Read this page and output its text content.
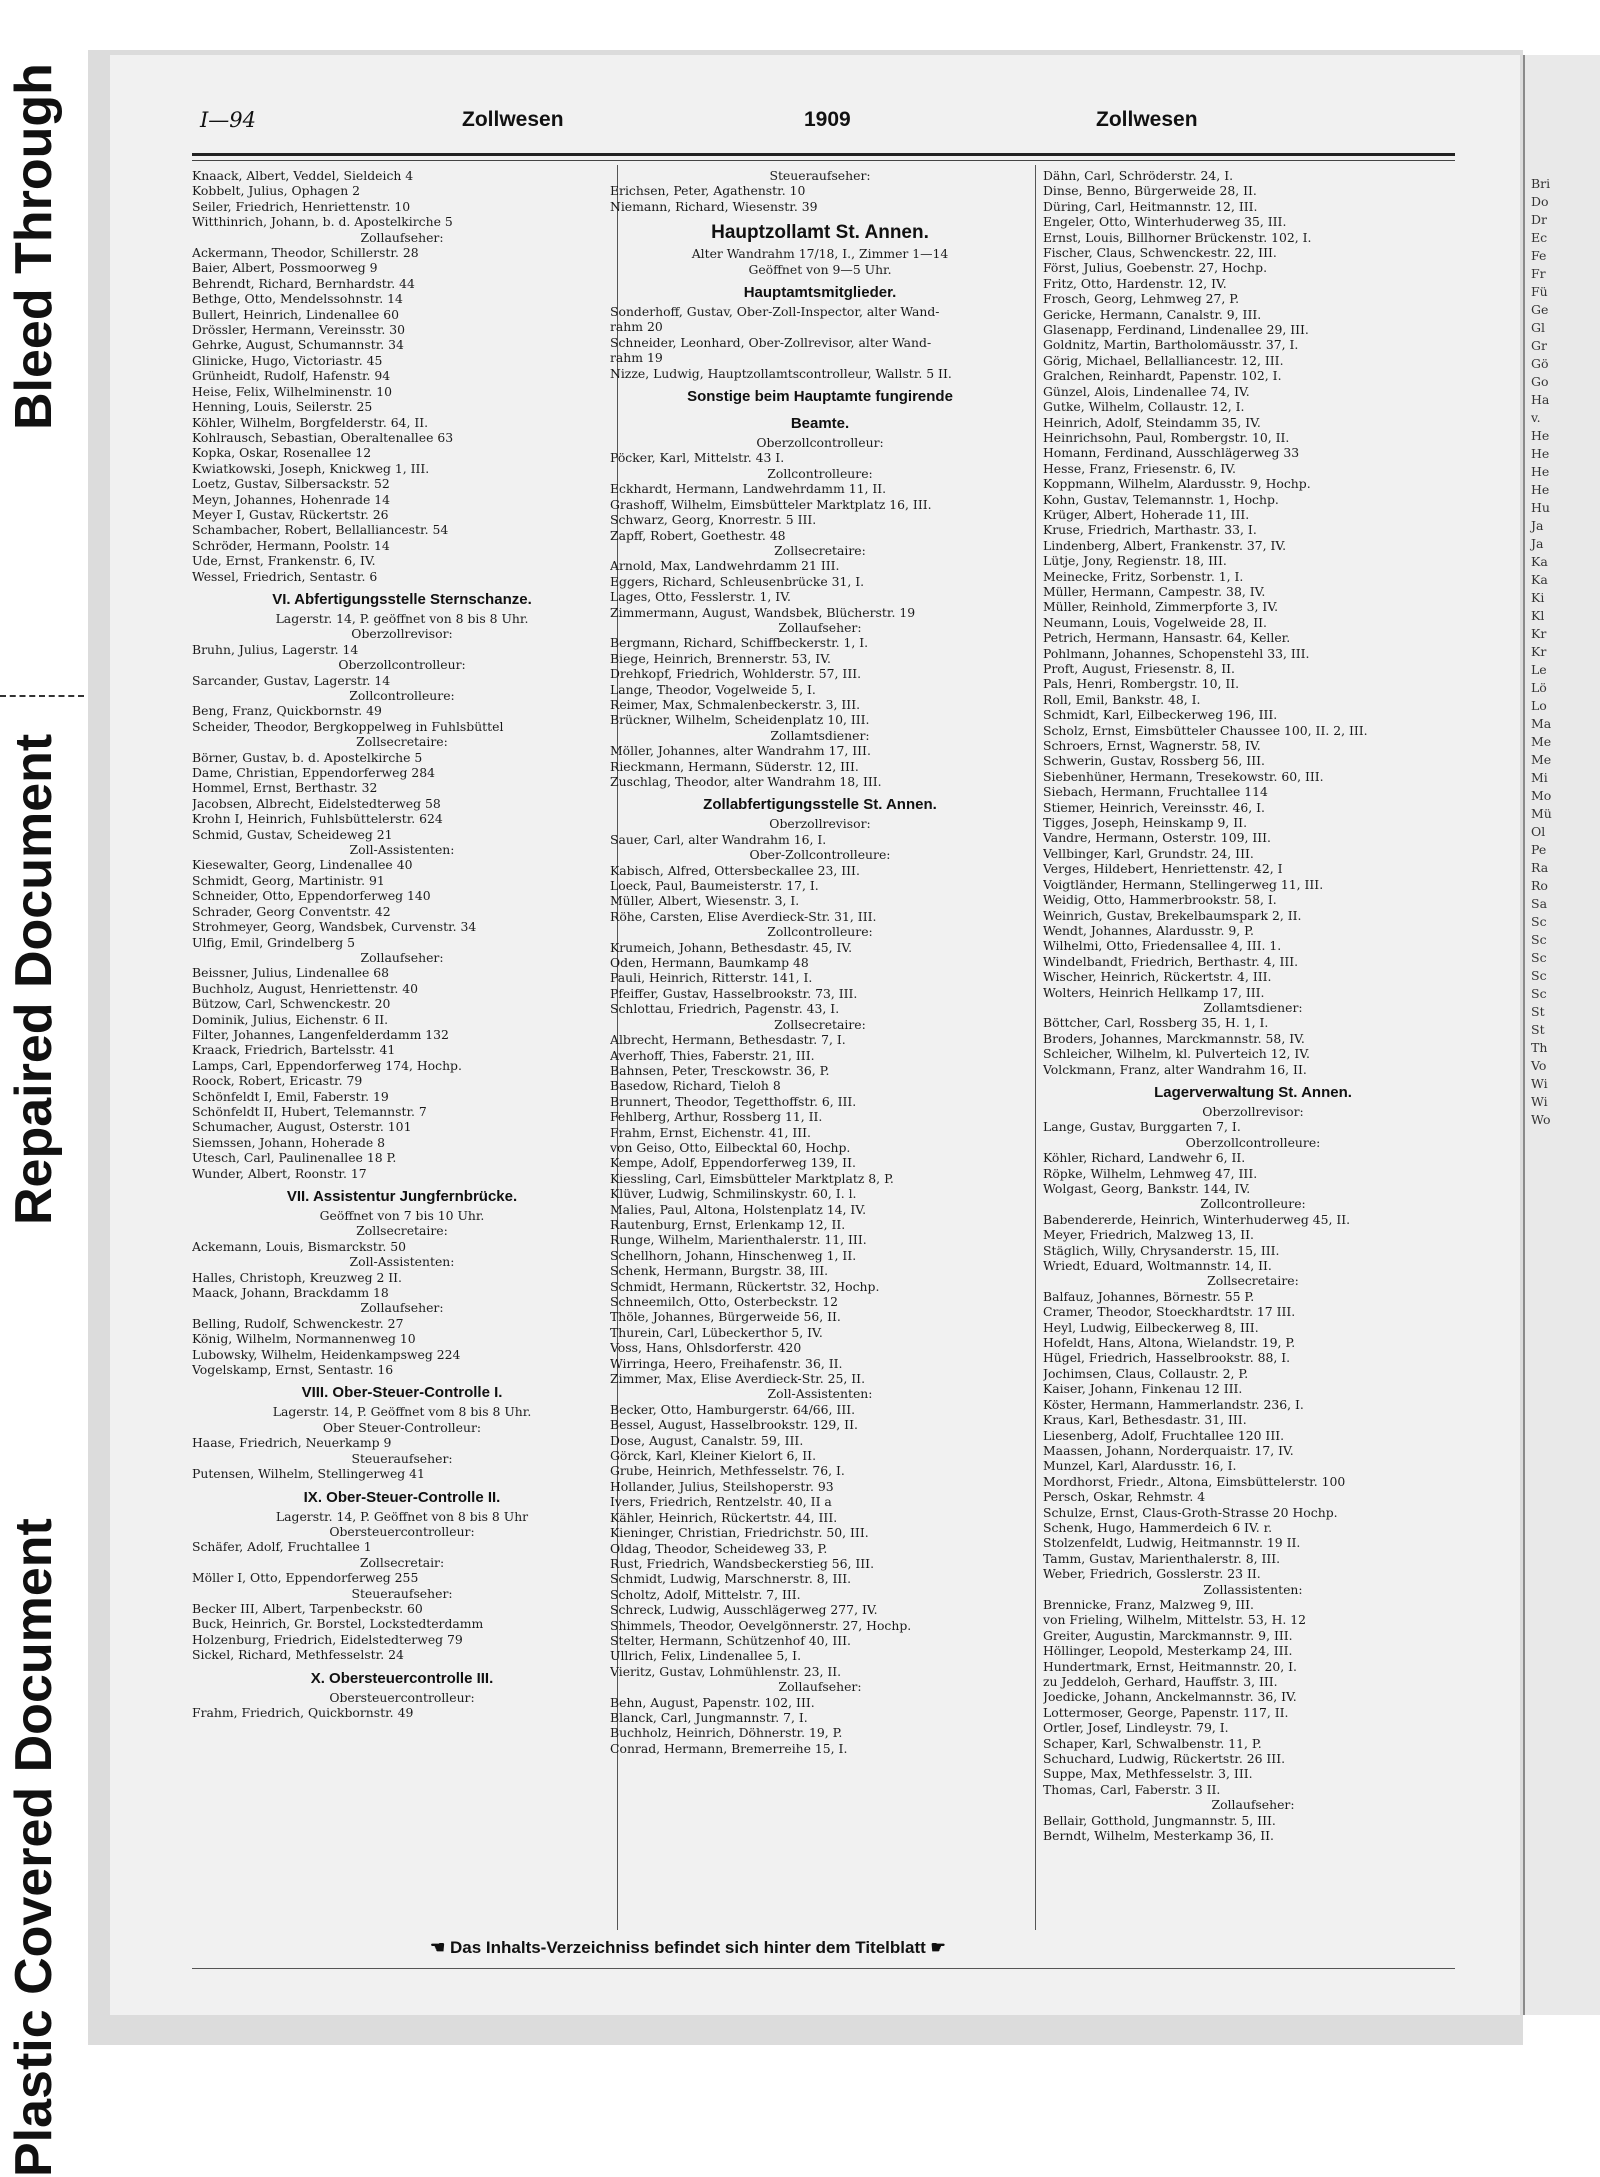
Bleed Through
Repaired Document
Plastic Covered Document
Bri
Do
Dr
Ec
Fe
Fr
Fü
Ge
Gl
Gr
Gö
Go
Ha
v.
He
He
He
He
Hu
Ja
Ja
Ka
Ka
Ki
Kl
Kr
Kr
Le
Lö
Lo
Ma
Me
Me
Mi
Mo
Mü
Ol
Pe
Ra
Ro
Sa
Sc
Sc
Sc
Sc
Sc
St
St
Th
Vo
Wi
Wi
Wo
I—94	Zollwesen	1909	Zollwesen
Knaack, Albert, Veddel, Sieldeich 4
Kobbelt, Julius, Ophagen 2
Seiler, Friedrich, Henriettenstr. 10
Witthinrich, Johann, b. d. Apostelkirche 5
Zollaufseher:
Ackermann, Theodor, Schillerstr. 28
Baier, Albert, Possmoorweg 9
Behrendt, Richard, Bernhardstr. 44
Bethge, Otto, Mendelssohnstr. 14
Bullert, Heinrich, Lindenallee 60
Drössler, Hermann, Vereinsstr. 30
Gehrke, August, Schumannstr. 34
Glinicke, Hugo, Victoriastr. 45
Grünheidt, Rudolf, Hafenstr. 94
Heise, Felix, Wilhelminenstr. 10
Henning, Louis, Seilerstr. 25
Köhler, Wilhelm, Borgfelderstr. 64, II.
Kohlrausch, Sebastian, Oberaltenallee 63
Kopka, Oskar, Rosenallee 12
Kwiatkowski, Joseph, Knickweg 1, III.
Loetz, Gustav, Silbersackstr. 52
Meyn, Johannes, Hohenrade 14
Meyer I, Gustav, Rückertstr. 26
Schambacher, Robert, Bellalliancestr. 54
Schröder, Hermann, Poolstr. 14
Ude, Ernst, Frankenstr. 6, IV.
Wessel, Friedrich, Sentastr. 6
VI. Abfertigungsstelle Sternschanze.
Lagerstr. 14, P. geöffnet von 8 bis 8 Uhr.
Oberzollrevisor:
Bruhn, Julius, Lagerstr. 14
Oberzollcontrolleur:
Sarcander, Gustav, Lagerstr. 14
Zollcontrolleure:
Beng, Franz, Quickbornstr. 49
Scheider, Theodor, Bergkoppelweg in Fuhlsbüttel
Zollsecretaire:
Börner, Gustav, b. d. Apostelkirche 5
Dame, Christian, Eppendorferweg 284
Hommel, Ernst, Berthastr. 32
Jacobsen, Albrecht, Eidelstedterweg 58
Krohn I, Heinrich, Fuhlsbüttelerstr. 624
Schmid, Gustav, Scheideweg 21
Zoll-Assistenten:
Kiesewalter, Georg, Lindenallee 40
Schmidt, Georg, Martinistr. 91
Schneider, Otto, Eppendorferweg 140
Schrader, Georg Conventstr. 42
Strohmeyer, Georg, Wandsbek, Curvenstr. 34
Ulfig, Emil, Grindelberg 5
Zollaufseher:
Beissner, Julius, Lindenallee 68
Buchholz, August, Henriettenstr. 40
Bützow, Carl, Schwenckestr. 20
Dominik, Julius, Eichenstr. 6 II.
Filter, Johannes, Langenfelderdamm 132
Kraack, Friedrich, Bartelsstr. 41
Lamps, Carl, Eppendorferweg 174, Hochp.
Roock, Robert, Ericastr. 79
Schönfeldt I, Emil, Faberstr. 19
Schönfeldt II, Hubert, Telemannstr. 7
Schumacher, August, Osterstr. 101
Siemssen, Johann, Hoherade 8
Utesch, Carl, Paulinenallee 18 P.
Wunder, Albert, Roonstr. 17
VII. Assistentur Jungfernbrücke.
Geöffnet von 7 bis 10 Uhr.
Zollsecretaire:
Ackemann, Louis, Bismarckstr. 50
Zoll-Assistenten:
Halles, Christoph, Kreuzweg 2 II.
Maack, Johann, Brackdamm 18
Zollaufseher:
Belling, Rudolf, Schwenckestr. 27
König, Wilhelm, Normannenweg 10
Lubowsky, Wilhelm, Heidenkampsweg 224
Vogelskamp, Ernst, Sentastr. 16
VIII. Ober-Steuer-Controlle I.
Lagerstr. 14, P. Geöffnet vom 8 bis 8 Uhr.
Ober Steuer-Controlleur:
Haase, Friedrich, Neuerkamp 9
Steueraufseher:
Putensen, Wilhelm, Stellingerweg 41
IX. Ober-Steuer-Controlle II.
Lagerstr. 14, P. Geöffnet von 8 bis 8 Uhr
Obersteuercontrolleur:
Schäfer, Adolf, Fruchtallee 1
Zollsecretair:
Möller I, Otto, Eppendorferweg 255
Steueraufseher:
Becker III, Albert, Tarpenbeckstr. 60
Buck, Heinrich, Gr. Borstel, Lockstedterdamm
Holzenburg, Friedrich, Eidelstedterweg 79
Sickel, Richard, Methfesselstr. 24
X. Obersteuercontrolle III.
Obersteuercontrolleur:
Frahm, Friedrich, Quickbornstr. 49
Steueraufseher:
Erichsen, Peter, Agathenstr. 10
Niemann, Richard, Wiesenstr. 39
Hauptzollamt St. Annen.
Alter Wandrahm 17/18, I., Zimmer 1—14
Geöffnet von 9—5 Uhr.
Hauptamtsmitglieder.
Sonderhoff, Gustav, Ober-Zoll-Inspector, alter Wand-
rahm 20
Schneider, Leonhard, Ober-Zollrevisor, alter Wand-
rahm 19
Nizze, Ludwig, Hauptzollamtscontrolleur, Wallstr. 5 II.
Sonstige beim Hauptamte fungirende
Beamte.
Oberzollcontrolleur:
Pöcker, Karl, Mittelstr. 43 I.
Zollcontrolleure:
Eckhardt, Hermann, Landwehrdamm 11, II.
Grashoff, Wilhelm, Eimsbütteler Marktplatz 16, III.
Schwarz, Georg, Knorrestr. 5 III.
Zapff, Robert, Goethestr. 48
Zollsecretaire:
Arnold, Max, Landwehrdamm 21 III.
Eggers, Richard, Schleusenbrücke 31, I.
Lages, Otto, Fesslerstr. 1, IV.
Zimmermann, August, Wandsbek, Blücherstr. 19
Zollaufseher:
Bergmann, Richard, Schiffbeckerstr. 1, I.
Biege, Heinrich, Brennerstr. 53, IV.
Drehkopf, Friedrich, Wohlderstr. 57, III.
Lange, Theodor, Vogelweide 5, I.
Reimer, Max, Schmalenbeckerstr. 3, III.
Brückner, Wilhelm, Scheidenplatz 10, III.
Zollamtsdiener:
Möller, Johannes, alter Wandrahm 17, III.
Rieckmann, Hermann, Süderstr. 12, III.
Zuschlag, Theodor, alter Wandrahm 18, III.
Zollabfertigungsstelle St. Annen.
Oberzollrevisor:
Sauer, Carl, alter Wandrahm 16, I.
Ober-Zollcontrolleure:
Kabisch, Alfred, Ottersbeckallee 23, III.
Loeck, Paul, Baumeisterstr. 17, I.
Müller, Albert, Wiesenstr. 3, I.
Röhe, Carsten, Elise Averdieck-Str. 31, III.
Zollcontrolleure:
Krumeich, Johann, Bethesdastr. 45, IV.
Oden, Hermann, Baumkamp 48
Pauli, Heinrich, Ritterstr. 141, I.
Pfeiffer, Gustav, Hasselbrookstr. 73, III.
Schlottau, Friedrich, Pagenstr. 43, I.
Zollsecretaire:
Albrecht, Hermann, Bethesdastr. 7, I.
Averhoff, Thies, Faberstr. 21, III.
Bahnsen, Peter, Tresckowstr. 36, P.
Basedow, Richard, Tieloh 8
Brunnert, Theodor, Tegetthoffstr. 6, III.
Fehlberg, Arthur, Rossberg 11, II.
Frahm, Ernst, Eichenstr. 41, III.
von Geiso, Otto, Eilbecktal 60, Hochp.
Kempe, Adolf, Eppendorferweg 139, II.
Kiessling, Carl, Eimsbütteler Marktplatz 8, P.
Klüver, Ludwig, Schmilinskystr. 60, I. l.
Malies, Paul, Altona, Holstenplatz 14, IV.
Rautenburg, Ernst, Erlenkamp 12, II.
Runge, Wilhelm, Marienthalerstr. 11, III.
Schellhorn, Johann, Hinschenweg 1, II.
Schenk, Hermann, Burgstr. 38, III.
Schmidt, Hermann, Rückertstr. 32, Hochp.
Schneemilch, Otto, Osterbeckstr. 12
Thöle, Johannes, Bürgerweide 56, II.
Thurein, Carl, Lübeckerthor 5, IV.
Voss, Hans, Ohlsdorferstr. 420
Wirringa, Heero, Freihafenstr. 36, II.
Zimmer, Max, Elise Averdieck-Str. 25, II.
Zoll-Assistenten:
Becker, Otto, Hamburgerstr. 64/66, III.
Bessel, August, Hasselbrookstr. 129, II.
Dose, August, Canalstr. 59, III.
Görck, Karl, Kleiner Kielort 6, II.
Grube, Heinrich, Methfesselstr. 76, I.
Hollander, Julius, Steilshoperstr. 93
Ivers, Friedrich, Rentzelstr. 40, II a
Kähler, Heinrich, Rückertstr. 44, III.
Kieninger, Christian, Friedrichstr. 50, III.
Oldag, Theodor, Scheideweg 33, P.
Rust, Friedrich, Wandsbeckerstieg 56, III.
Schmidt, Ludwig, Marschnerstr. 8, III.
Scholtz, Adolf, Mittelstr. 7, III.
Schreck, Ludwig, Ausschlägerweg 277, IV.
Shimmels, Theodor, Oevelgönnerstr. 27, Hochp.
Stelter, Hermann, Schützenhof 40, III.
Ullrich, Felix, Lindenallee 5, I.
Vieritz, Gustav, Lohmühlenstr. 23, II.
Zollaufseher:
Behn, August, Papenstr. 102, III.
Blanck, Carl, Jungmannstr. 7, I.
Buchholz, Heinrich, Döhnerstr. 19, P.
Conrad, Hermann, Bremerreihe 15, I.
Dähn, Carl, Schröderstr. 24, I.
Dinse, Benno, Bürgerweide 28, II.
Düring, Carl, Heitmannstr. 12, III.
Engeler, Otto, Winterhuderweg 35, III.
Ernst, Louis, Billhorner Brückenstr. 102, I.
Fischer, Claus, Schwenckestr. 22, III.
Först, Julius, Goebenstr. 27, Hochp.
Fritz, Otto, Hardenstr. 12, IV.
Frosch, Georg, Lehmweg 27, P.
Gericke, Hermann, Canalstr. 9, III.
Glasenapp, Ferdinand, Lindenallee 29, III.
Goldnitz, Martin, Bartholomäusstr. 37, I.
Görig, Michael, Bellalliancestr. 12, III.
Gralchen, Reinhardt, Papenstr. 102, I.
Günzel, Alois, Lindenallee 74, IV.
Gutke, Wilhelm, Collaustr. 12, I.
Heinrich, Adolf, Steindamm 35, IV.
Heinrichsohn, Paul, Rombergstr. 10, II.
Homann, Ferdinand, Ausschlägerweg 33
Hesse, Franz, Friesenstr. 6, IV.
Koppmann, Wilhelm, Alardusstr. 9, Hochp.
Kohn, Gustav, Telemannstr. 1, Hochp.
Krüger, Albert, Hoherade 11, III.
Kruse, Friedrich, Marthastr. 33, I.
Lindenberg, Albert, Frankenstr. 37, IV.
Lütje, Jony, Regienstr. 18, III.
Meinecke, Fritz, Sorbenstr. 1, I.
Müller, Hermann, Campestr. 38, IV.
Müller, Reinhold, Zimmerpforte 3, IV.
Neumann, Louis, Vogelweide 28, II.
Petrich, Hermann, Hansastr. 64, Keller.
Pohlmann, Johannes, Schopenstehl 33, III.
Proft, August, Friesenstr. 8, II.
Pals, Henri, Rombergstr. 10, II.
Roll, Emil, Bankstr. 48, I.
Schmidt, Karl, Eilbeckerweg 196, III.
Scholz, Ernst, Eimsbütteler Chaussee 100, II. 2, III.
Schroers, Ernst, Wagnerstr. 58, IV.
Schwerin, Gustav, Rossberg 56, III.
Siebenhüner, Hermann, Tresekowstr. 60, III.
Siebach, Hermann, Fruchtallee 114
Stiemer, Heinrich, Vereinsstr. 46, I.
Tigges, Joseph, Heinskamp 9, II.
Vandre, Hermann, Osterstr. 109, III.
Vellbinger, Karl, Grundstr. 24, III.
Verges, Hildebert, Henriettenstr. 42, I
Voigtländer, Hermann, Stellingerweg 11, III.
Weidig, Otto, Hammerbrookstr. 58, I.
Weinrich, Gustav, Brekelbaumspark 2, II.
Wendt, Johannes, Alardusstr. 9, P.
Wilhelmi, Otto, Friedensallee 4, III. 1.
Windelbandt, Friedrich, Berthastr. 4, III.
Wischer, Heinrich, Rückertstr. 4, III.
Wolters, Heinrich Hellkamp 17, III.
Zollamtsdiener:
Böttcher, Carl, Rossberg 35, H. 1, I.
Broders, Johannes, Marckmannstr. 58, IV.
Schleicher, Wilhelm, kl. Pulverteich 12, IV.
Volckmann, Franz, alter Wandrahm 16, II.
Lagerverwaltung St. Annen.
Oberzollrevisor:
Lange, Gustav, Burggarten 7, I.
Oberzollcontrolleure:
Köhler, Richard, Landwehr 6, II.
Röpke, Wilhelm, Lehmweg 47, III.
Wolgast, Georg, Bankstr. 144, IV.
Zollcontrolleure:
Babendererde, Heinrich, Winterhuderweg 45, II.
Meyer, Friedrich, Malzweg 13, II.
Stäglich, Willy, Chrysanderstr. 15, III.
Wriedt, Eduard, Woltmannstr. 14, II.
Zollsecretaire:
Balfauz, Johannes, Börnestr. 55 P.
Cramer, Theodor, Stoeckhardtstr. 17 III.
Heyl, Ludwig, Eilbeckerweg 8, III.
Hofeldt, Hans, Altona, Wielandstr. 19, P.
Hügel, Friedrich, Hasselbrookstr. 88, I.
Jochimsen, Claus, Collaustr. 2, P.
Kaiser, Johann, Finkenau 12 III.
Köster, Hermann, Hammerlandstr. 236, I.
Kraus, Karl, Bethesdastr. 31, III.
Liesenberg, Adolf, Fruchtallee 120 III.
Maassen, Johann, Norderquaistr. 17, IV.
Munzel, Karl, Alardusstr. 16, I.
Mordhorst, Friedr., Altona, Eimsbüttelerstr. 100
Persch, Oskar, Rehmstr. 4
Schulze, Ernst, Claus-Groth-Strasse 20 Hochp.
Schenk, Hugo, Hammerdeich 6 IV. r.
Stolzenfeldt, Ludwig, Heitmannstr. 19 II.
Tamm, Gustav, Marienthalerstr. 8, III.
Weber, Friedrich, Gosslerstr. 23 II.
Zollassistenten:
Brennicke, Franz, Malzweg 9, III.
von Frieling, Wilhelm, Mittelstr. 53, H. 12
Greiter, Augustin, Marckmannstr. 9, III.
Höllinger, Leopold, Mesterkamp 24, III.
Hundertmark, Ernst, Heitmannstr. 20, I.
zu Jeddeloh, Gerhard, Hauffstr. 3, III.
Joedicke, Johann, Anckelmannstr. 36, IV.
Lottermoser, George, Papenstr. 117, II.
Ortler, Josef, Lindleystr. 79, I.
Schaper, Karl, Schwalbenstr. 11, P.
Schuchard, Ludwig, Rückertstr. 26 III.
Suppe, Max, Methfesselstr. 3, III.
Thomas, Carl, Faberstr. 3 II.
Zollaufseher:
Bellair, Gotthold, Jungmannstr. 5, III.
Berndt, Wilhelm, Mesterkamp 36, II.
☚ Das Inhalts-Verzeichniss befindet sich hinter dem Titelblatt ☛
